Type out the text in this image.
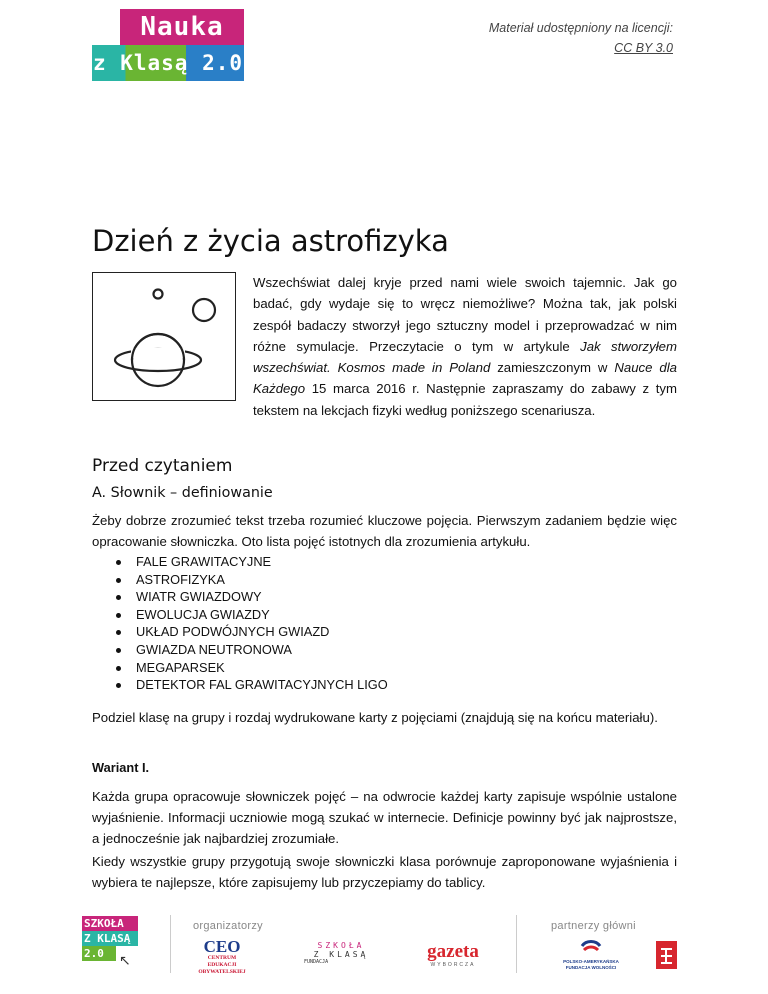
Nauka
z Klasą 2.0
Materiał udostępniony na licencji:
CC BY 3.0
Dzień z życia astrofizyka

Wszechświat dalej kryje przed nami wiele swoich tajemnic. Jak go badać, gdy wydaje się to wręcz niemożliwe? Można tak, jak polski zespół badaczy stworzył jego sztuczny model i przeprowadzać w nim różne symulacje. Przeczytacie o tym w artykule Jak stworzyłem wszechświat. Kosmos made in Poland zamieszczonym w Nauce dla Każdego 15 marca 2016 r. Następnie zapraszamy do zabawy z tym tekstem na lekcjach fizyki według poniższego scenariusza.

Przed czytaniem
A. Słownik – definiowanie

Żeby dobrze zrozumieć tekst trzeba rozumieć kluczowe pojęcia. Pierwszym zadaniem będzie więc opracowanie słowniczka. Oto lista pojęć istotnych dla zrozumienia artykułu.

FALE GRAWITACYJNE
ASTROFIZYKA
WIATR GWIAZDOWY
EWOLUCJA GWIAZDY
UKŁAD PODWÓJNYCH GWIAZD
GWIAZDA NEUTRONOWA
MEGAPARSEK
DETEKTOR FAL GRAWITACYJNYCH LIGO

Podziel klasę na grupy i rozdaj wydrukowane karty z pojęciami (znajdują się na końcu materiału).

Wariant I.

Każda grupa opracowuje słowniczek pojęć – na odwrocie każdej karty zapisuje wspólnie ustalone wyjaśnienie. Informacji uczniowie mogą szukać w internecie. Definicje powinny być jak najprostsze, a jednocześnie jak najbardziej zrozumiałe.

Kiedy wszystkie grupy przygotują swoje słowniczki klasa porównuje zaproponowane wyjaśnienia i wybiera te najlepsze, które zapisujemy lub przyczepiamy do tablicy.

SZKOŁA
Z KLASĄ
2.0	↖
organizatorzy
CEO
CENTRUM EDUKACJI
OBYWATELSKIEJ
SZKOŁA
Z KLASĄ
FUNDACJA	gazeta
WYBORCZA
partnerzy główni
POLSKO-AMERYKAŃSKA
FUNDACJA WOLNOŚCI
